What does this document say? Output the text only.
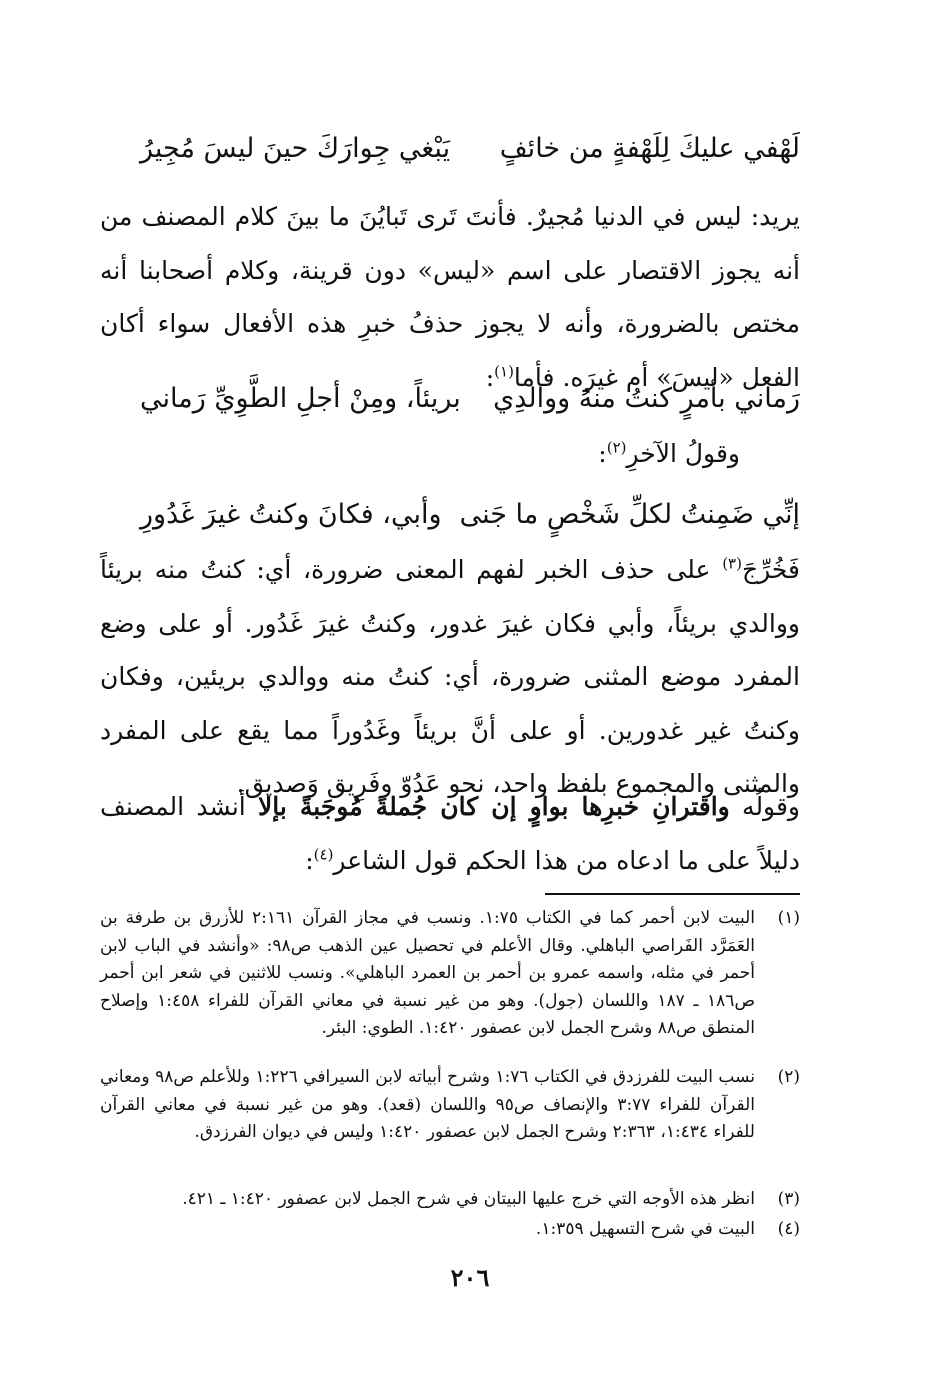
لَهْفي عليكَ لِلَهْفةٍ من خائفٍ
يَبْغي جِوارَكَ حينَ ليسَ مُجِيرُ
يريد: ليس في الدنيا مُجيرٌ. فأنتَ تَرى تَبايُنَ ما بينَ كلام المصنف من أنه يجوز الاقتصار على اسم «ليس» دون قرينة، وكلام أصحابنا أنه مختص بالضرورة، وأنه لا يجوز حذفُ خبرِ هذه الأفعال سواء أكان الفعل «ليسَ» أم غيرَه. فأما$^{(١)}$:
رَماني بأمرٍ كنتُ منهُ ووالدِي
بريئاً، ومِنْ أجلِ الطَّوِيِّ رَماني
وقولُ الآخرِ$^{(٢)}$:
إنِّي ضَمِنتُ لكلِّ شَخْصٍ ما جَنى
وأبي، فكانَ وكنتُ غيرَ غَدُورِ
فَخُرِّجَ$^{(٣)}$ على حذف الخبر لفهم المعنى ضرورة، أي: كنتُ منه بريئاً ووالدي بريئاً، وأبي فكان غيرَ غدور، وكنتُ غيرَ غَدُور. أو على وضع المفرد موضع المثنى ضرورة، أي: كنتُ منه ووالدي بريئين، وفكان وكنتُ غير غدورين. أو على أنَّ بريئاً وغَدُوراً مما يقع على المفرد والمثنى والمجموع بلفظ واحد، نحو عَدُوّ وفَرِيق وَصديق.
وقولُه واقترانِ خبرِها بواوٍ إن كان جُملةً مُوجَبةً بإلا أنشد المصنف دليلاً على ما ادعاه من هذا الحكم قول الشاعر$^{(٤)}$:
(١)
البيت لابن أحمر كما في الكتاب ١:٧٥. ونسب في مجاز القرآن ٢:١٦١ للأزرق بن طرفة بن العَمَرَّد الفَراصي الباهلي. وقال الأعلم في تحصيل عين الذهب ص٩٨: «وأنشد في الباب لابن أحمر في مثله، واسمه عمرو بن أحمر بن العمرد الباهلي». ونسب للاثنين في شعر ابن أحمر ص١٨٦ ـ ١٨٧ واللسان (جول). وهو من غير نسبة في معاني القرآن للفراء ١:٤٥٨ وإصلاح المنطق ص٨٨ وشرح الجمل لابن عصفور ١:٤٢٠. الطوي: البئر.
(٢)
نسب البيت للفرزدق في الكتاب ١:٧٦ وشرح أبياته لابن السيرافي ١:٢٢٦ وللأعلم ص٩٨ ومعاني القرآن للفراء ٣:٧٧ والإنصاف ص٩٥ واللسان (قعد). وهو من غير نسبة في معاني القرآن للفراء ١:٤٣٤، ٢:٣٦٣ وشرح الجمل لابن عصفور ١:٤٢٠ وليس في ديوان الفرزدق.
(٣)
انظر هذه الأوجه التي خرج عليها البيتان في شرح الجمل لابن عصفور ١:٤٢٠ ـ ٤٢١.
(٤)
البيت في شرح التسهيل ١:٣٥٩.
٢٠٦
